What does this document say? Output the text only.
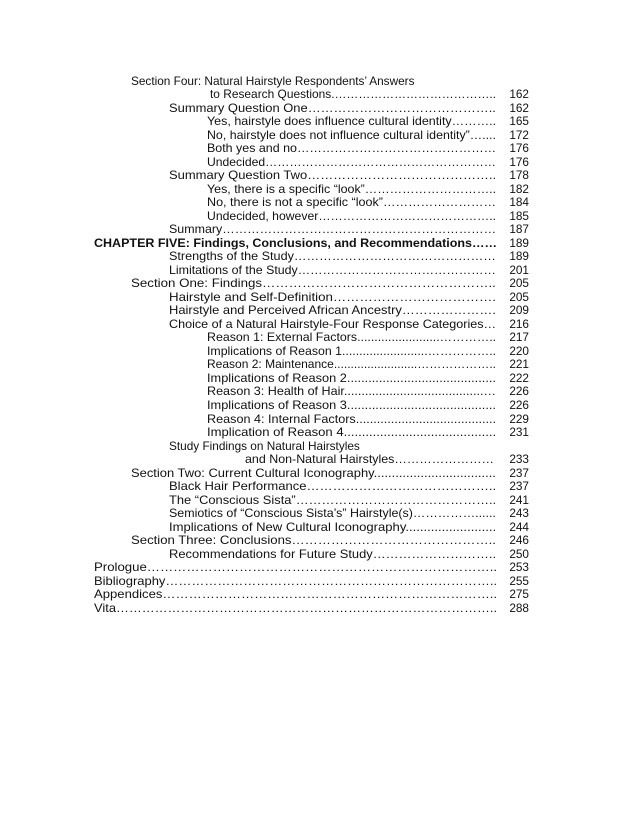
Section Four: Natural Hairstyle Respondents’ Answers
to Research Questions.………………………………….. 162
Summary Question One…………………………………….. 162
Yes, hairstyle does influence cultural identity……….. 165
No, hairstyle does not influence cultural identity”….... 172
Both yes and no………………………………………… 176
Undecided………………………………………………… 176
Summary Question Two…………………………………….. 178
Yes, there is a specific “look”………………………….. 182
No, there is not a specific “look”……………………… 184
Undecided, however…………………………………….. 185
Summary………………………………………………………… 187
CHAPTER FIVE: Findings, Conclusions, and Recommendations…… 189
Strengths of the Study………………………………………… 189
Limitations of the Study………………………………………… 201
Section One: Findings…………………………………………….. 205
Hairstyle and Self-Definition………………………………. 205
Hairstyle and Perceived African Ancestry…………………. 209
Choice of a Natural Hairstyle-Four Response Categories… 216
Reason 1: External Factors........................………….. 217
Implications of Reason 1.........................…………….. 220
Reason 2: Maintenance.........................……………….. 221
Implications of Reason 2.......................................... 222
Reason 3: Health of Hair........................................… 226
Implications of Reason 3.......................................... 226
Reason 4: Internal Factors........................................ 229
Implication of Reason 4.......................................... 231
Study Findings on Natural Hairstyles
and Non-Natural Hairstyles…………………… 233
Section Two: Current Cultural Iconography.................................. 237
Black Hair Performance…………………………………….. 237
The “Conscious Sista”……………………………………….. 241
Semiotics of “Conscious Sista’s” Hairstyle(s)……………...... 243
Implications of New Cultural Iconography......................... 244
Section Three: Conclusions……………………………………….. 246
Recommendations for Future Study……………………….. 250
Prologue…………………………………………………………………….. 253
Bibliography………………………………………………………………….. 255
Appendices………………………………………………………………….. 275
Vita…………………………………………………………………………….. 288
